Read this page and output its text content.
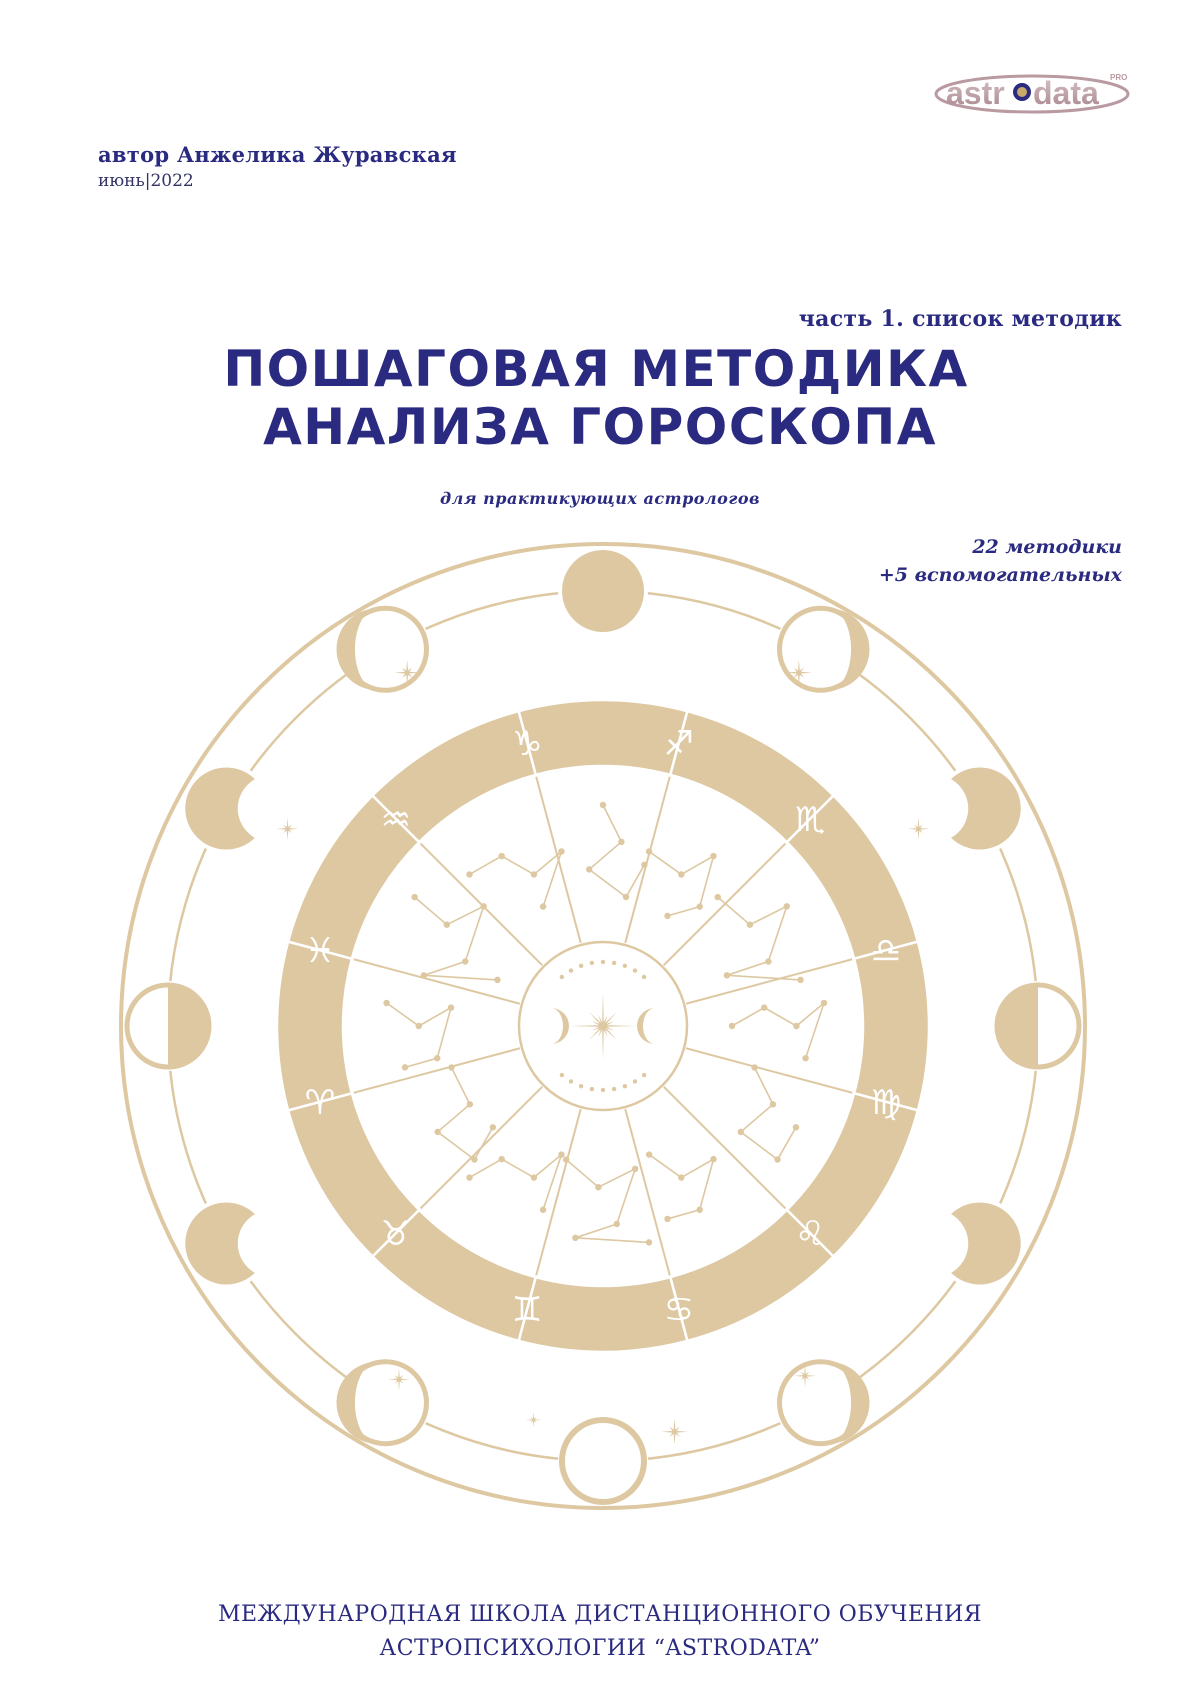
astr data PRO
автор Анжелика Журавская
июнь|2022
часть 1. список методик
ПОШАГОВАЯ МЕТОДИКА
АНАЛИЗА ГОРОСКОПА
для практикующих астрологов
22 методики
+5 вспомогательных
♑︎	♐︎
♏︎
♎︎
♍︎
♌︎
♋︎
♊︎
♉︎
♈︎
♓︎
♒︎
МЕЖДУНАРОДНАЯ ШКОЛА ДИСТАНЦИОННОГО ОБУЧЕНИЯ
АСТРОПСИХОЛОГИИ “ASTRODATA”
